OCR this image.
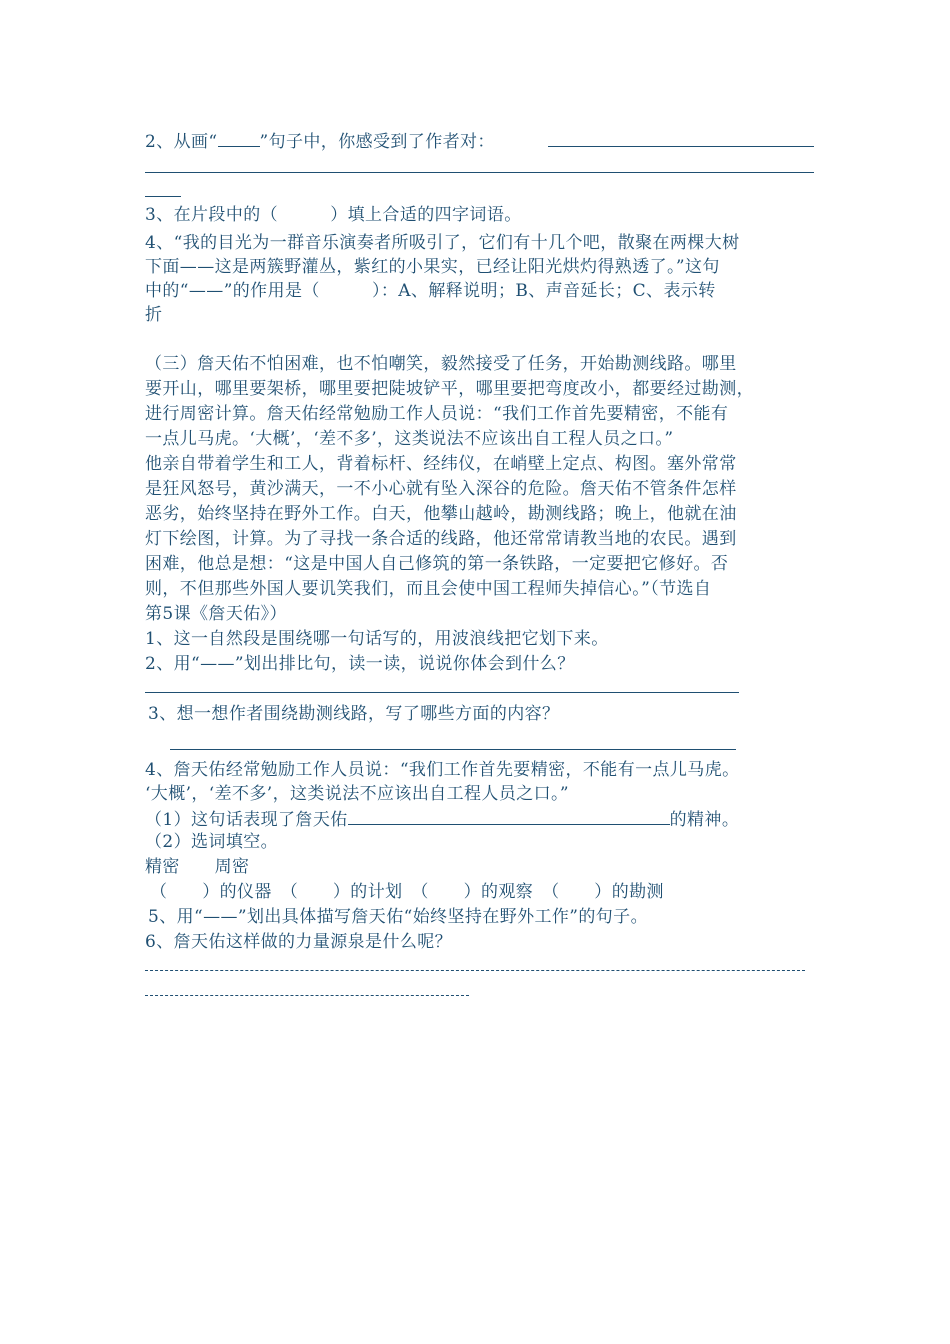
2、从画“ ”句子中，你感受到了作者对：
3、在片段中的（　　　）填上合适的四字词语。
4、“我的目光为一群音乐演奏者所吸引了，它们有十几个吧，散聚在两棵大树
下面——这是两簇野灌丛，紫红的小果实，已经让阳光烘灼得熟透了。”这句
中的“——”的作用是（　　　）：A、解释说明；B、声音延长；C、表示转
折
（三）詹天佑不怕困难，也不怕嘲笑，毅然接受了任务，开始勘测线路。哪里
要开山，哪里要架桥，哪里要把陡坡铲平，哪里要把弯度改小，都要经过勘测，
进行周密计算。詹天佑经常勉励工作人员说：“我们工作首先要精密，不能有
一点儿马虎。‘大概’，‘差不多’，这类说法不应该出自工程人员之口。”
他亲自带着学生和工人，背着标杆、经纬仪，在峭壁上定点、构图。塞外常常
是狂风怒号，黄沙满天，一不小心就有坠入深谷的危险。詹天佑不管条件怎样
恶劣，始终坚持在野外工作。白天，他攀山越岭，勘测线路；晚上，他就在油
灯下绘图，计算。为了寻找一条合适的线路，他还常常请教当地的农民。遇到
困难，他总是想：“这是中国人自己修筑的第一条铁路，一定要把它修好。否
则，不但那些外国人要讥笑我们，而且会使中国工程师失掉信心。”（节选自
第5课《詹天佑》）
1、这一自然段是围绕哪一句话写的，用波浪线把它划下来。
2、用“——”划出排比句，读一读，说说你体会到什么？
3、想一想作者围绕勘测线路，写了哪些方面的内容？
4、詹天佑经常勉励工作人员说：“我们工作首先要精密，不能有一点儿马虎。
‘大概’，‘差不多’，这类说法不应该出自工程人员之口。”
（1）这句话表现了詹天佑	的精神。
（2）选词填空。
精密　　周密
（　　）的仪器　（　　）的计划　（　　）的观察　（　　）的勘测
5、用“——”划出具体描写詹天佑“始终坚持在野外工作”的句子。
6、詹天佑这样做的力量源泉是什么呢？
